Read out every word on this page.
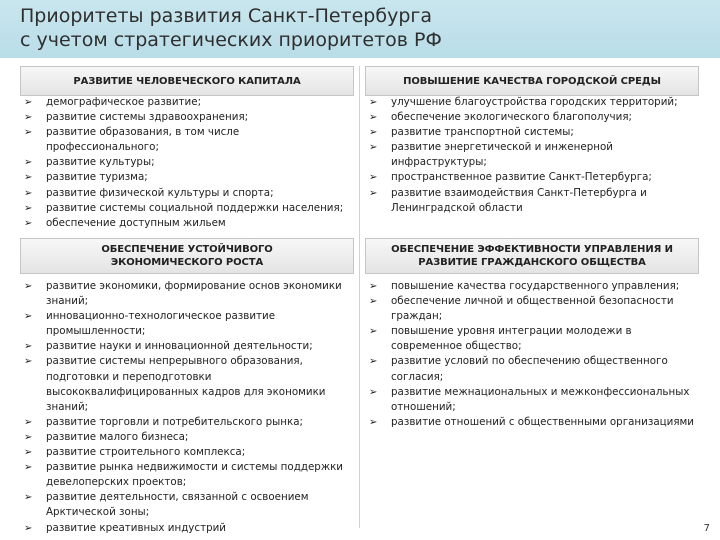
Приоритеты развития Санкт-Петербурга
с учетом стратегических приоритетов РФ
РАЗВИТИЕ ЧЕЛОВЕЧЕСКОГО КАПИТАЛА	ПОВЫШЕНИЕ КАЧЕСТВА ГОРОДСКОЙ СРЕДЫ
➢ демографическое развитие;
➢ развитие системы здравоохранения;
➢ развитие образования, в том числе профессионального;
➢ развитие культуры;
➢ развитие туризма;
➢ развитие физической культуры и спорта;
➢ развитие системы социальной поддержки населения;
➢ обеспечение доступным жильем
➢ улучшение благоустройства городских территорий;
➢ обеспечение экологического благополучия;
➢ развитие транспортной системы;
➢ развитие энергетической и инженерной инфраструктуры;
➢ пространственное развитие Санкт-Петербурга;
➢ развитие взаимодействия Санкт-Петербурга и Ленинградской области
ОБЕСПЕЧЕНИЕ УСТОЙЧИВОГО ЭКОНОМИЧЕСКОГО РОСТА
ОБЕСПЕЧЕНИЕ ЭФФЕКТИВНОСТИ УПРАВЛЕНИЯ И РАЗВИТИЕ ГРАЖДАНСКОГО ОБЩЕСТВА
➢ развитие экономики, формирование основ экономики знаний;
➢ инновационно-технологическое развитие промышленности;
➢ развитие науки и инновационной деятельности;
➢ развитие системы непрерывного образования, подготовки и переподготовки высококвалифицированных кадров для экономики знаний;
➢ развитие торговли и потребительского рынка;
➢ развитие малого бизнеса;
➢ развитие строительного комплекса;
➢ развитие рынка недвижимости и системы поддержки девелоперских проектов;
➢ развитие деятельности, связанной с освоением Арктической зоны;
➢ развитие креативных индустрий
➢ повышение качества государственного управления;
➢ обеспечение личной и общественной безопасности граждан;
➢ повышение уровня интеграции молодежи в современное общество;
➢ развитие условий по обеспечению общественного согласия;
➢ развитие межнациональных и межконфессиональных отношений;
➢ развитие отношений с общественными организациями
7
